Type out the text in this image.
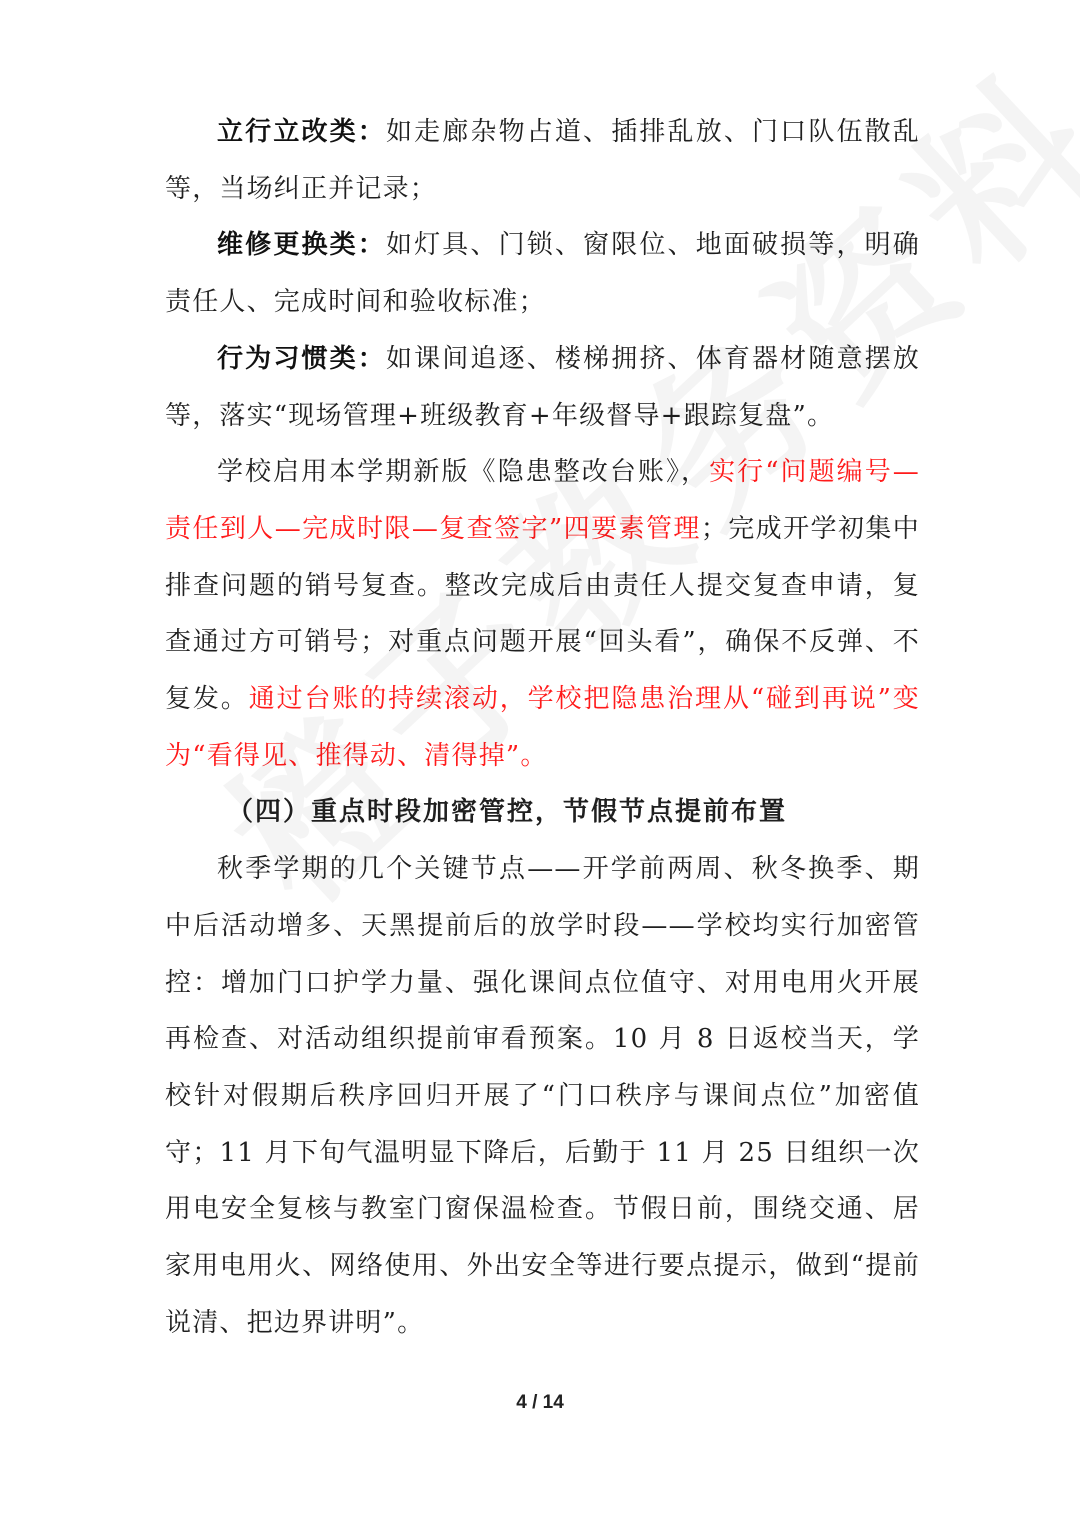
立行立改类：如走廊杂物占道、插排乱放、门口队伍散乱等，当场纠正并记录；

维修更换类：如灯具、门锁、窗限位、地面破损等，明确责任人、完成时间和验收标准；

行为习惯类：如课间追逐、楼梯拥挤、体育器材随意摆放等，落实“现场管理+班级教育+年级督导+跟踪复盘”。

学校启用本学期新版《隐患整改台账》，实行“问题编号—责任到人—完成时限—复查签字”四要素管理；完成开学初集中排查问题的销号复查。整改完成后由责任人提交复查申请，复查通过方可销号；对重点问题开展“回头看”，确保不反弹、不复发。通过台账的持续滚动，学校把隐患治理从“碰到再说”变为“看得见、推得动、清得掉”。

（四）重点时段加密管控，节假节点提前布置

秋季学期的几个关键节点——开学前两周、秋冬换季、期中后活动增多、天黑提前后的放学时段——学校均实行加密管控：增加门口护学力量、强化课间点位值守、对用电用火开展再检查、对活动组织提前审看预案。10 月 8 日返校当天，学校针对假期后秩序回归开展了“门口秩序与课间点位”加密值守；11 月下旬气温明显下降后，后勤于 11 月 25 日组织一次用电安全复核与教室门窗保温检查。节假日前，围绕交通、居家用电用火、网络使用、外出安全等进行要点提示，做到“提前说清、把边界讲明”。

4 / 14
